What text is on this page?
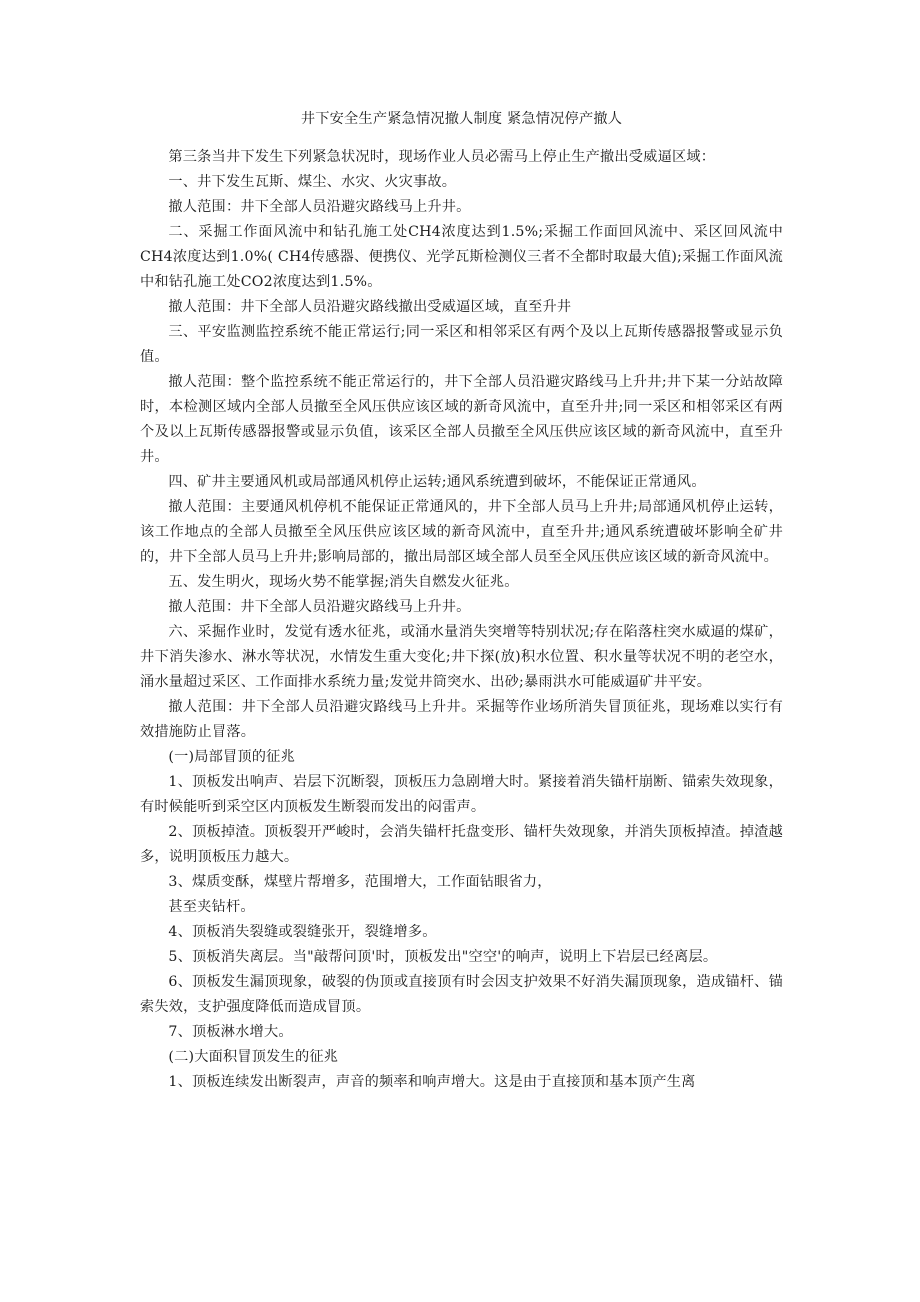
井下安全生产紧急情况撤人制度 紧急情况停产撤人

第三条当井下发生下列紧急状况时，现场作业人员必需马上停止生产撤出受威逼区域：

一、井下发生瓦斯、煤尘、水灾、火灾事故。

撤人范围：井下全部人员沿避灾路线马上升井。

二、采掘工作面风流中和钻孔施工处CH4浓度达到1.5%;采掘工作面回风流中、采区回风流中CH4浓度达到1.0%( CH4传感器、便携仪、光学瓦斯检测仪三者不全都时取最大值);采掘工作面风流中和钻孔施工处CO2浓度达到1.5%。

撤人范围：井下全部人员沿避灾路线撤出受威逼区域，直至升井

三、平安监测监控系统不能正常运行;同一采区和相邻采区有两个及以上瓦斯传感器报警或显示负值。

撤人范围：整个监控系统不能正常运行的，井下全部人员沿避灾路线马上升井;井下某一分站故障时，本检测区域内全部人员撤至全风压供应该区域的新奇风流中，直至升井;同一采区和相邻采区有两个及以上瓦斯传感器报警或显示负值，该采区全部人员撤至全风压供应该区域的新奇风流中，直至升井。

四、矿井主要通风机或局部通风机停止运转;通风系统遭到破坏，不能保证正常通风。

撤人范围：主要通风机停机不能保证正常通风的，井下全部人员马上升井;局部通风机停止运转，该工作地点的全部人员撤至全风压供应该区域的新奇风流中，直至升井;通风系统遭破坏影响全矿井的，井下全部人员马上升井;影响局部的，撤出局部区域全部人员至全风压供应该区域的新奇风流中。

五、发生明火，现场火势不能掌握;消失自燃发火征兆。

撤人范围：井下全部人员沿避灾路线马上升井。

六、采掘作业时，发觉有透水征兆，或涌水量消失突增等特别状况;存在陷落柱突水威逼的煤矿，井下消失渗水、淋水等状况，水情发生重大变化;井下探(放)积水位置、积水量等状况不明的老空水，涌水量超过采区、工作面排水系统力量;发觉井筒突水、出砂;暴雨洪水可能威逼矿井平安。

撤人范围：井下全部人员沿避灾路线马上升井。采掘等作业场所消失冒顶征兆，现场难以实行有效措施防止冒落。

(一)局部冒顶的征兆

1、顶板发出响声、岩层下沉断裂，顶板压力急剧增大时。紧接着消失锚杆崩断、锚索失效现象，有时候能听到采空区内顶板发生断裂而发出的闷雷声。

2、顶板掉渣。顶板裂开严峻时，会消失锚杆托盘变形、锚杆失效现象，并消失顶板掉渣。掉渣越多，说明顶板压力越大。

3、煤质变酥，煤壁片帮增多，范围增大，工作面钻眼省力，

甚至夹钻杆。

4、顶板消失裂缝或裂缝张开，裂缝增多。

5、顶板消失离层。当"敲帮问顶'时，顶板发出"空空'的响声，说明上下岩层已经离层。

6、顶板发生漏顶现象，破裂的伪顶或直接顶有时会因支护效果不好消失漏顶现象，造成锚杆、锚索失效，支护强度降低而造成冒顶。

7、顶板淋水增大。

(二)大面积冒顶发生的征兆

1、顶板连续发出断裂声，声音的频率和响声增大。这是由于直接顶和基本顶产生离
